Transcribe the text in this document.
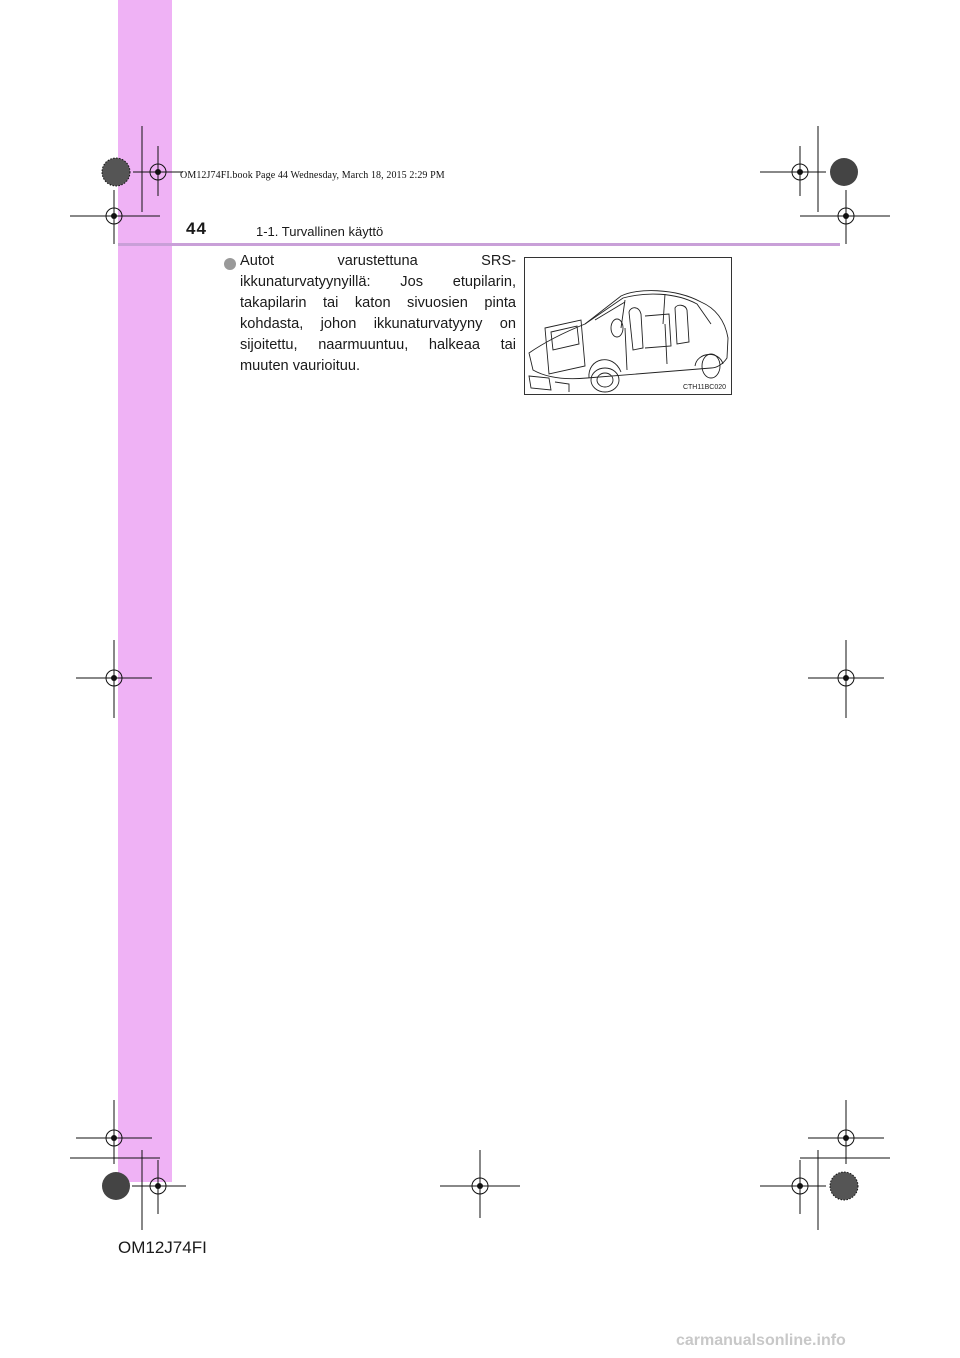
OM12J74FI.book Page 44 Wednesday, March 18, 2015 2:29 PM
44	1-1. Turvallinen käyttö

Autot varustettuna SRS-ikkunaturvatyynyillä: Jos etupilarin, takapilarin tai katon sivuosien pinta kohdasta, johon ikkunaturvatyyny on sijoitettu, naarmuuntuu, halkeaa tai muuten vaurioituu.

CTH11BC020
OM12J74FI
carmanualsonline.info
